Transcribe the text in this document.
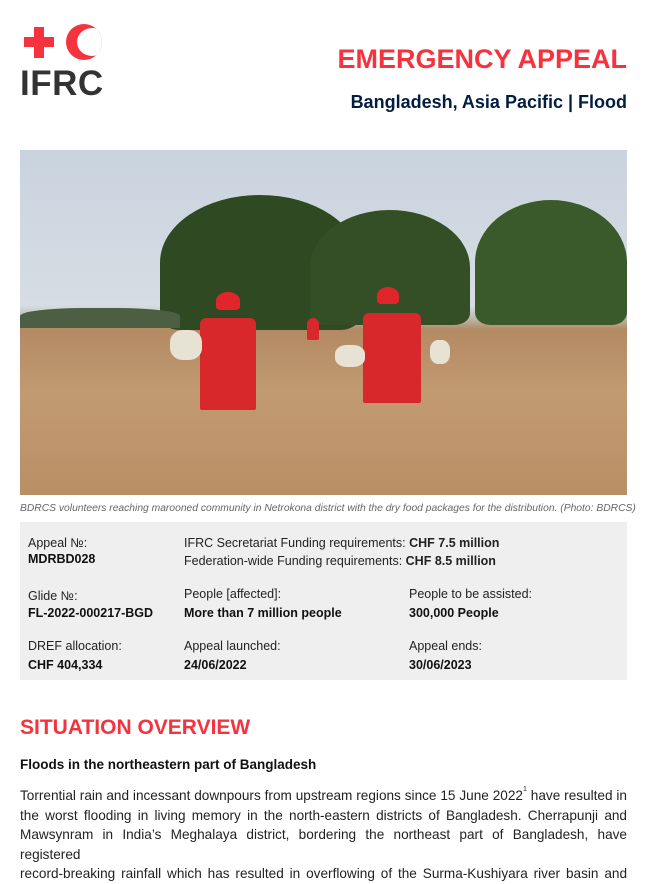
IFRC
EMERGENCY APPEAL
Bangladesh, Asia Pacific | Flood
BDRCS volunteers reaching marooned community in Netrokona district with the dry food packages for the distribution. (Photo: BDRCS)
Appeal №:
MDRBD028
IFRC Secretariat Funding requirements: CHF 7.5 million
Federation-wide Funding requirements: CHF 8.5 million
Glide №:
FL-2022-000217-BGD
People [affected]:
More than 7 million people
People to be assisted:
300,000 People
DREF allocation:
CHF 404,334
Appeal launched:
24/06/2022
Appeal ends:
30/06/2023
SITUATION OVERVIEW
Floods in the northeastern part of Bangladesh
Torrential rain and incessant downpours from upstream regions since 15 June 2022$^1$ have resulted in
the worst flooding in living memory in the north-eastern districts of Bangladesh. Cherrapunji and
Mawsynram in India’s Meghalaya district, bordering the northeast part of Bangladesh, have registered
record-breaking rainfall which has resulted in overflowing of the Surma-Kushiyara river basin and
